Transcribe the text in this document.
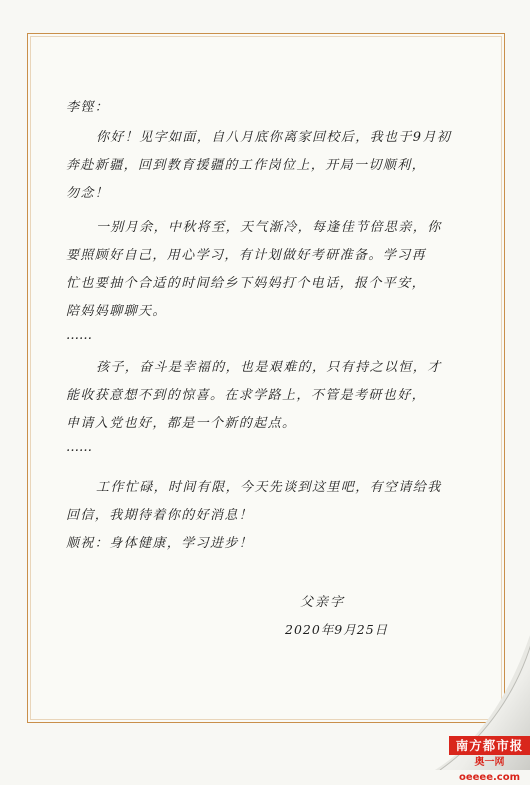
李铿：
你好！见字如面，自八月底你离家回校后，我也于9月初
奔赴新疆，回到教育援疆的工作岗位上，开局一切顺利，
勿念！
一别月余，中秋将至，天气渐冷，每逢佳节倍思亲，你
要照顾好自己，用心学习，有计划做好考研准备。学习再
忙也要抽个合适的时间给乡下妈妈打个电话，报个平安，
陪妈妈聊聊天。
……
孩子，奋斗是幸福的，也是艰难的，只有持之以恒，才
能收获意想不到的惊喜。在求学路上，不管是考研也好，
申请入党也好，都是一个新的起点。
……
工作忙碌，时间有限，今天先谈到这里吧，有空请给我
回信，我期待着你的好消息！
顺祝：身体健康，学习进步！
父亲字
2020年9月25日
南方都市报
奥一网oeeee.com
